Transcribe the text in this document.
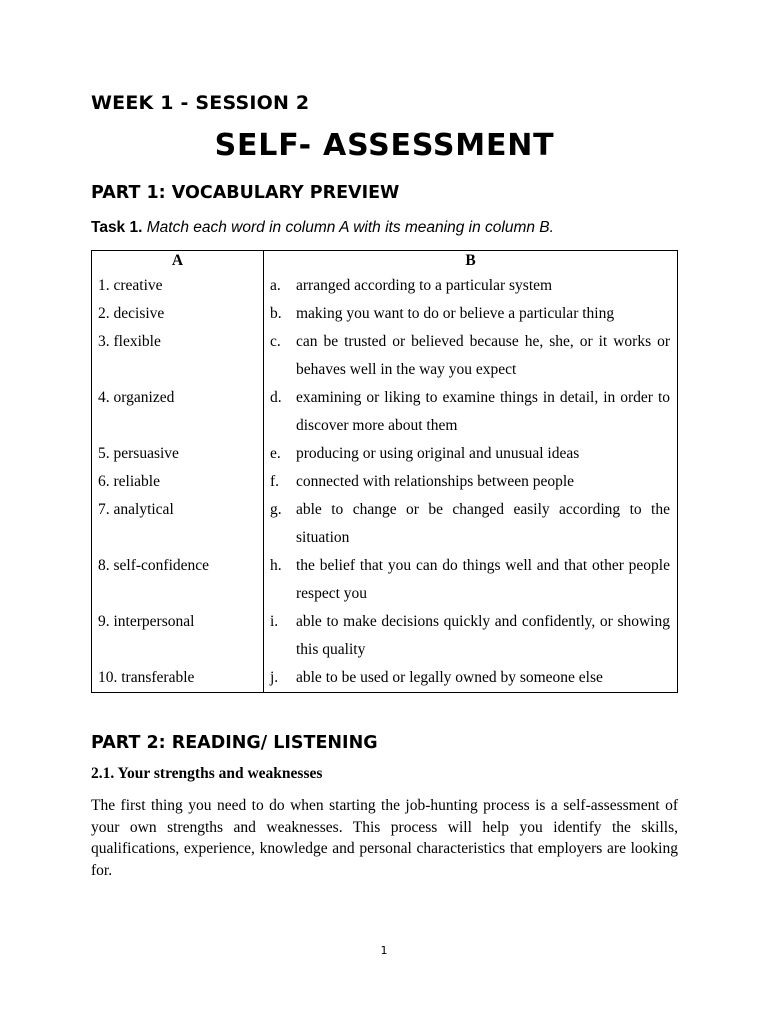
WEEK 1 - SESSION 2
SELF- ASSESSMENT
PART 1: VOCABULARY PREVIEW
Task 1. Match each word in column A with its meaning in column B.
A	B	
1. creative	a.	arranged according to a particular system
2. decisive	b.	making you want to do or believe a particular thing
3. flexible	c.	can be trusted or believed because he, she, or it works or behaves well in the way you expect
4. organized	d.	examining or liking to examine things in detail, in order to discover more about them
5. persuasive	e.	producing or using original and unusual ideas
6. reliable	f.	connected with relationships between people
7. analytical	g.	able to change or be changed easily according to the situation
8. self-confidence	h.	the belief that you can do things well and that other people respect you
9. interpersonal	i.	able to make decisions quickly and confidently, or showing this quality
10. transferable	j.	able to be used or legally owned by someone else
PART 2: READING/ LISTENING
2.1. Your strengths and weaknesses

The first thing you need to do when starting the job-hunting process is a self-assessment of your own strengths and weaknesses. This process will help you identify the skills, qualifications, experience, knowledge and personal characteristics that employers are looking for.

1
